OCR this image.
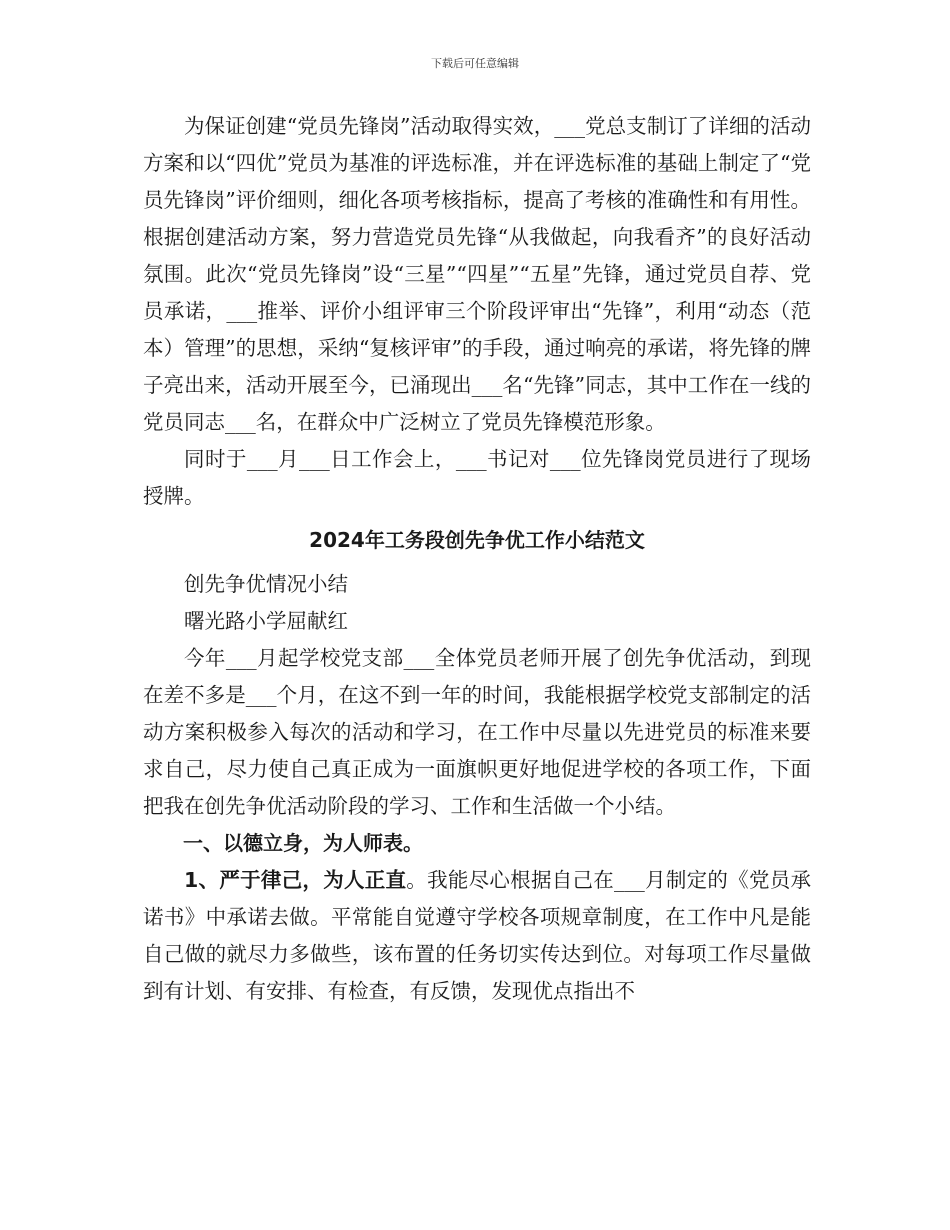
下载后可任意编辑

为保证创建“党员先锋岗”活动取得实效，___党总支制订了详细的活动方案和以“四优”党员为基准的评选标准，并在评选标准的基础上制定了“党员先锋岗”评价细则，细化各项考核指标，提高了考核的准确性和有用性。根据创建活动方案，努力营造党员先锋“从我做起，向我看齐”的良好活动氛围。此次“党员先锋岗”设“三星”“四星”“五星”先锋，通过党员自荐、党员承诺，___推举、评价小组评审三个阶段评审出“先锋”，利用“动态（范本）管理”的思想，采纳“复核评审”的手段，通过响亮的承诺，将先锋的牌子亮出来，活动开展至今，已涌现出___名“先锋”同志，其中工作在一线的党员同志___名，在群众中广泛树立了党员先锋模范形象。

同时于___月___日工作会上，___书记对___位先锋岗党员进行了现场授牌。

2024年工务段创先争优工作小结范文

创先争优情况小结

曙光路小学屈献红

今年___月起学校党支部___全体党员老师开展了创先争优活动，到现在差不多是___个月，在这不到一年的时间，我能根据学校党支部制定的活动方案积极参入每次的活动和学习，在工作中尽量以先进党员的标准来要求自己，尽力使自己真正成为一面旗帜更好地促进学校的各项工作，下面把我在创先争优活动阶段的学习、工作和生活做一个小结。

一、以德立身，为人师表。

1、严于律己，为人正直。我能尽心根据自己在___月制定的《党员承诺书》中承诺去做。平常能自觉遵守学校各项规章制度，在工作中凡是能自己做的就尽力多做些，该布置的任务切实传达到位。对每项工作尽量做到有计划、有安排、有检查，有反馈，发现优点指出不
